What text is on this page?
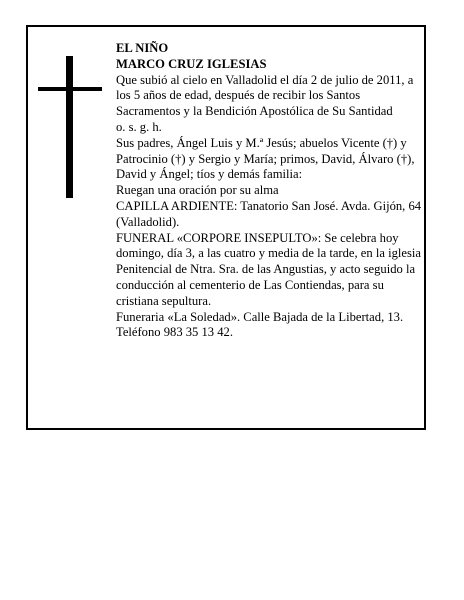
EL NIÑO

MARCO CRUZ IGLESIAS

Que subió al cielo en Valladolid el día 2 de julio de 2011, a los 5 años de edad, después de recibir los Santos Sacramentos y la Bendición Apostólica de Su Santidad

o. s. g. h.

Sus padres, Ángel Luis y M.ª Jesús; abuelos Vicente (†) y Patrocinio (†) y Sergio y María; primos, David, Álvaro (†), David y Ángel; tíos y demás familia:

Ruegan una oración por su alma

CAPILLA ARDIENTE: Tanatorio San José. Avda. Gijón, 64 (Valladolid).

FUNERAL «CORPORE INSEPULTO»: Se celebra hoy domingo, día 3, a las cuatro y media de la tarde, en la iglesia Penitencial de Ntra. Sra. de las Angustias, y acto seguido la conducción al cementerio de Las Contiendas, para su cristiana sepultura.

Funeraria «La Soledad». Calle Bajada de la Libertad, 13. Teléfono 983 35 13 42.
